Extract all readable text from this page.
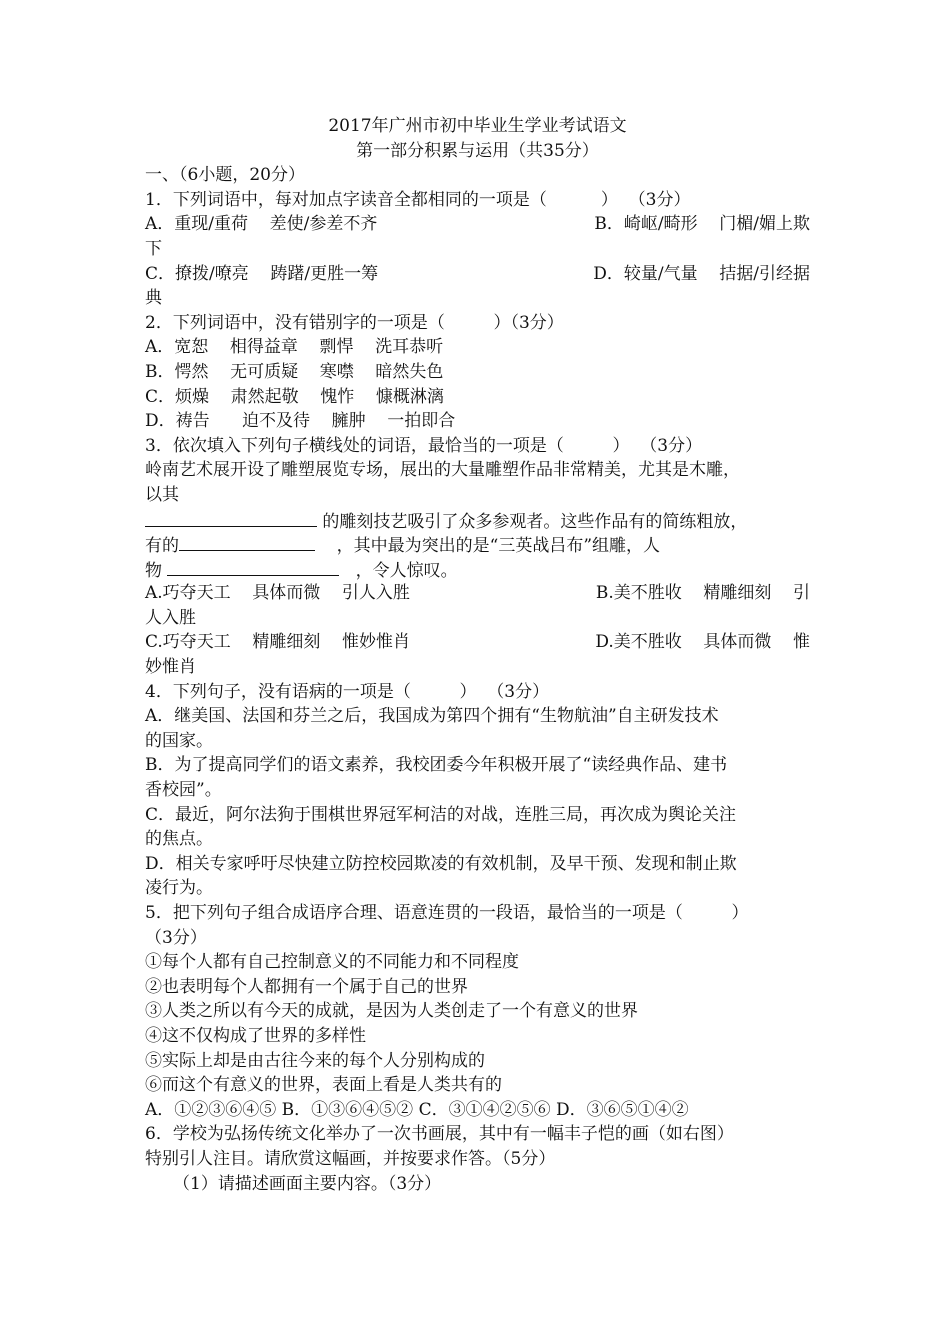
2017年广州市初中毕业生学业考试语文
第一部分积累与运用（共35分）
一、（6小题，20分）
1．下列词语中，每对加点字读音全都相同的一项是（          ）  （3分）
A．重现/重荷    差使/参差不齐	B．崎岖/畸形    门楣/媚上欺
下
C．撩拨/嘹亮    踌躇/更胜一筹	D．较量/气量    拮据/引经据
典
2．下列词语中，没有错别字的一项是（         ）（3分）
A．宽恕    相得益章    剽悍    洗耳恭听
B．愕然    无可质疑    寒噤    暗然失色
C．烦燥    肃然起敬    愧怍    慷概淋漓
D．祷告      迫不及待    臃肿    一拍即合
3．依次填入下列句子横线处的词语，最恰当的一项是（         ）  （3分）
岭南艺术展开设了雕塑展览专场，展出的大量雕塑作品非常精美，尤其是木雕，
以其
的雕刻技艺吸引了众多参观者。这些作品有的简练粗放，
有的	，其中最为突出的是“三英战吕布”组雕，人
物	，令人惊叹。
A.巧夺天工    具体而微    引人入胜	B.美不胜收    精雕细刻    引
人入胜
C.巧夺天工    精雕细刻    惟妙惟肖	D.美不胜收    具体而微    惟
妙惟肖
4．下列句子，没有语病的一项是（         ）  （3分）
A．继美国、法国和芬兰之后，我国成为第四个拥有“生物航油”自主研发技术
的国家。
B．为了提高同学们的语文素养，我校团委今年积极开展了“读经典作品、建书
香校园”。
C．最近，阿尔法狗于围棋世界冠军柯洁的对战，连胜三局，再次成为舆论关注
的焦点。
D．相关专家呼吁尽快建立防控校园欺凌的有效机制，及早干预、发现和制止欺
凌行为。
5．把下列句子组合成语序合理、语意连贯的一段语，最恰当的一项是（         ）
（3分）
①每个人都有自己控制意义的不同能力和不同程度
②也表明每个人都拥有一个属于自己的世界
③人类之所以有今天的成就，是因为人类创走了一个有意义的世界
④这不仅构成了世界的多样性
⑤实际上却是由古往今来的每个人分别构成的
⑥而这个有意义的世界，表面上看是人类共有的
A．①②③⑥④⑤ B．①③⑥④⑤② C．③①④②⑤⑥ D．③⑥⑤①④②
6．学校为弘扬传统文化举办了一次书画展，其中有一幅丰子恺的画（如右图）
特别引人注目。请欣赏这幅画，并按要求作答。（5分）
（1）请描述画面主要内容。（3分）
